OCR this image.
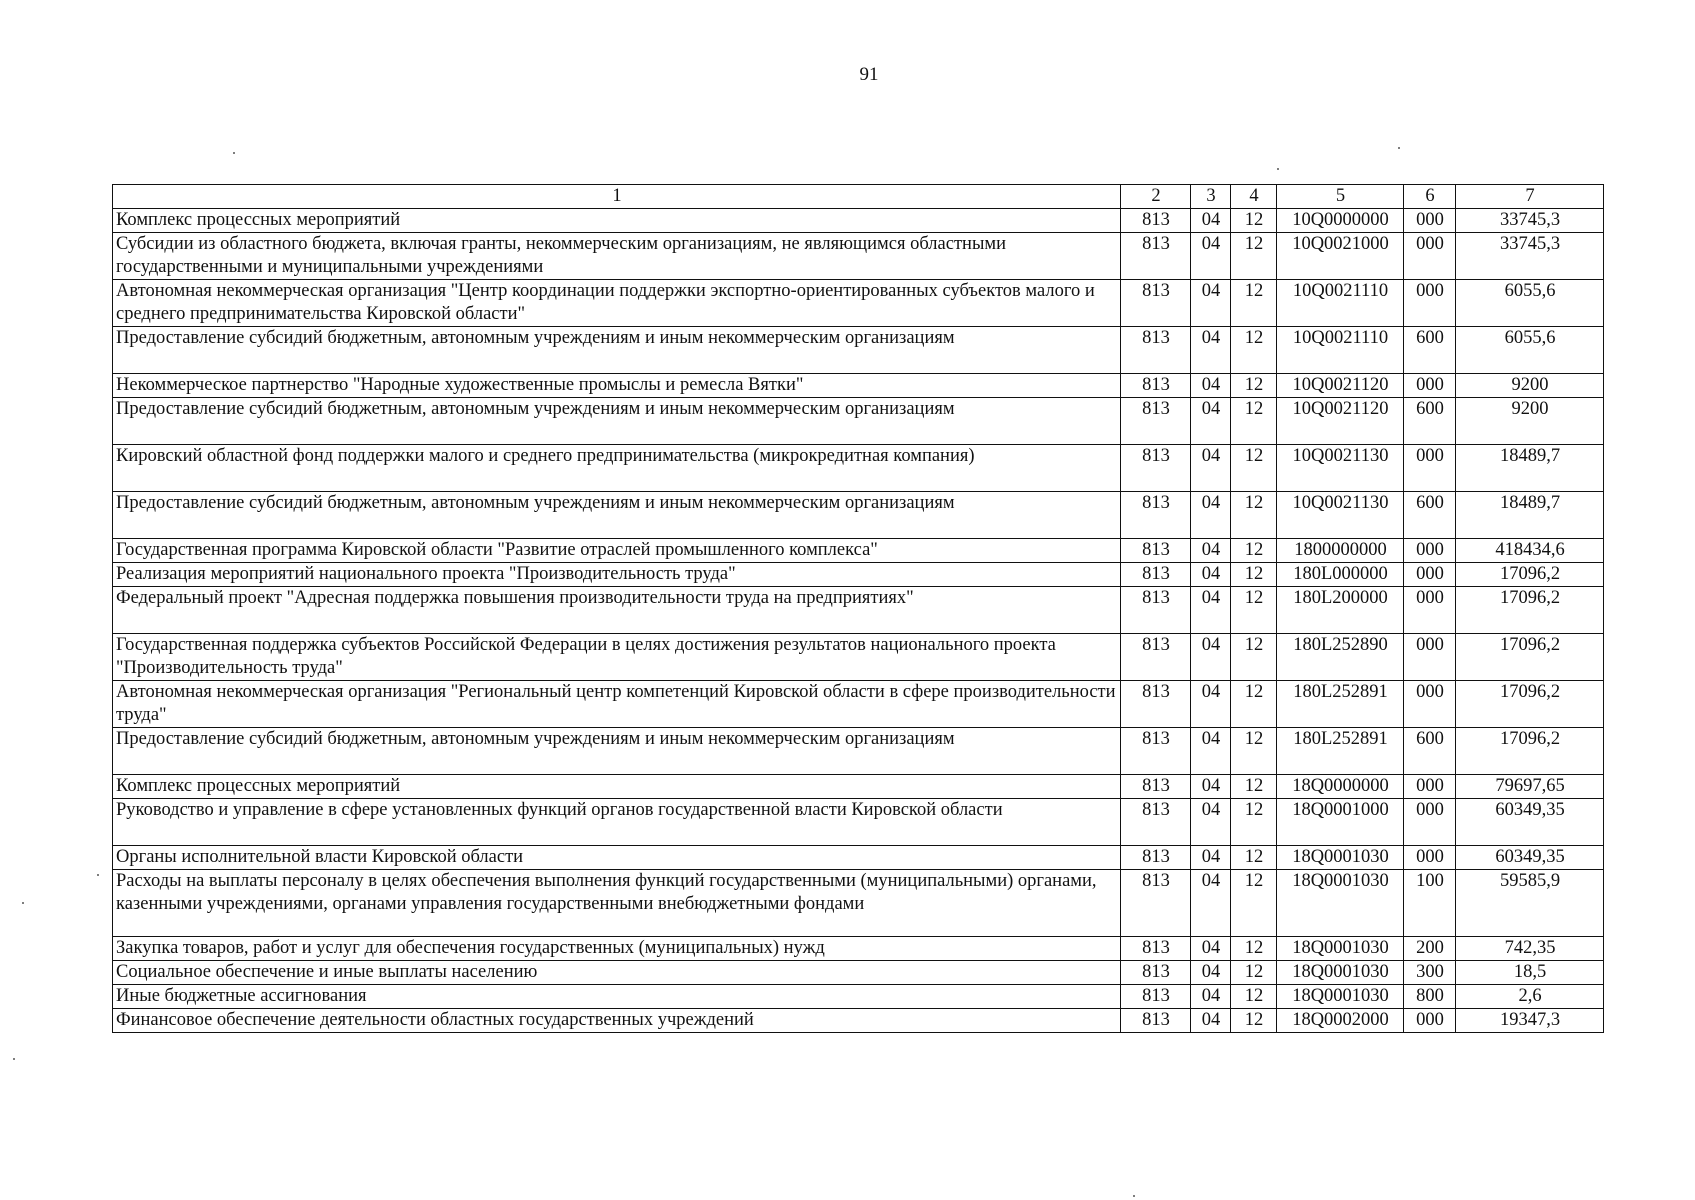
91
1	2	3	4	5	6	7
Комплекс процессных мероприятий	813	04	12	10Q0000000	000	33745,3
Субсидии из областного бюджета, включая гранты, некоммерческим организациям, не являющимся областными государственными и муниципальными учреждениями	813	04	12	10Q0021000	000	33745,3
Автономная некоммерческая организация "Центр координации поддержки экспортно-ориентированных субъектов малого и среднего предпринимательства Кировской области"	813	04	12	10Q0021110	000	6055,6
Предоставление субсидий бюджетным, автономным учреждениям и иным некоммерческим организациям	813	04	12	10Q0021110	600	6055,6
Некоммерческое партнерство "Народные художественные промыслы и ремесла Вятки"	813	04	12	10Q0021120	000	9200
Предоставление субсидий бюджетным, автономным учреждениям и иным некоммерческим организациям	813	04	12	10Q0021120	600	9200
Кировский областной фонд поддержки малого и среднего предпринимательства (микрокредитная компания)	813	04	12	10Q0021130	000	18489,7
Предоставление субсидий бюджетным, автономным учреждениям и иным некоммерческим организациям	813	04	12	10Q0021130	600	18489,7
Государственная программа Кировской области "Развитие отраслей промышленного комплекса"	813	04	12	1800000000	000	418434,6
Реализация мероприятий национального проекта "Производительность труда"	813	04	12	180L000000	000	17096,2
Федеральный проект "Адресная поддержка повышения производительности труда на предприятиях"	813	04	12	180L200000	000	17096,2
Государственная поддержка субъектов Российской Федерации в целях достижения результатов национального проекта "Производительность труда"	813	04	12	180L252890	000	17096,2
Автономная некоммерческая организация "Региональный центр компетенций Кировской области в сфере производительности труда"	813	04	12	180L252891	000	17096,2
Предоставление субсидий бюджетным, автономным учреждениям и иным некоммерческим организациям	813	04	12	180L252891	600	17096,2
Комплекс процессных мероприятий	813	04	12	18Q0000000	000	79697,65
Руководство и управление в сфере установленных функций органов государственной власти Кировской области	813	04	12	18Q0001000	000	60349,35
Органы исполнительной власти Кировской области	813	04	12	18Q0001030	000	60349,35
Расходы на выплаты персоналу в целях обеспечения выполнения функций государственными (муниципальными) органами, казенными учреждениями, органами управления государственными внебюджетными фондами	813	04	12	18Q0001030	100	59585,9
Закупка товаров, работ и услуг для обеспечения государственных (муниципальных) нужд	813	04	12	18Q0001030	200	742,35
Социальное обеспечение и иные выплаты населению	813	04	12	18Q0001030	300	18,5
Иные бюджетные ассигнования	813	04	12	18Q0001030	800	2,6
Финансовое обеспечение деятельности областных государственных учреждений	813	04	12	18Q0002000	000	19347,3
